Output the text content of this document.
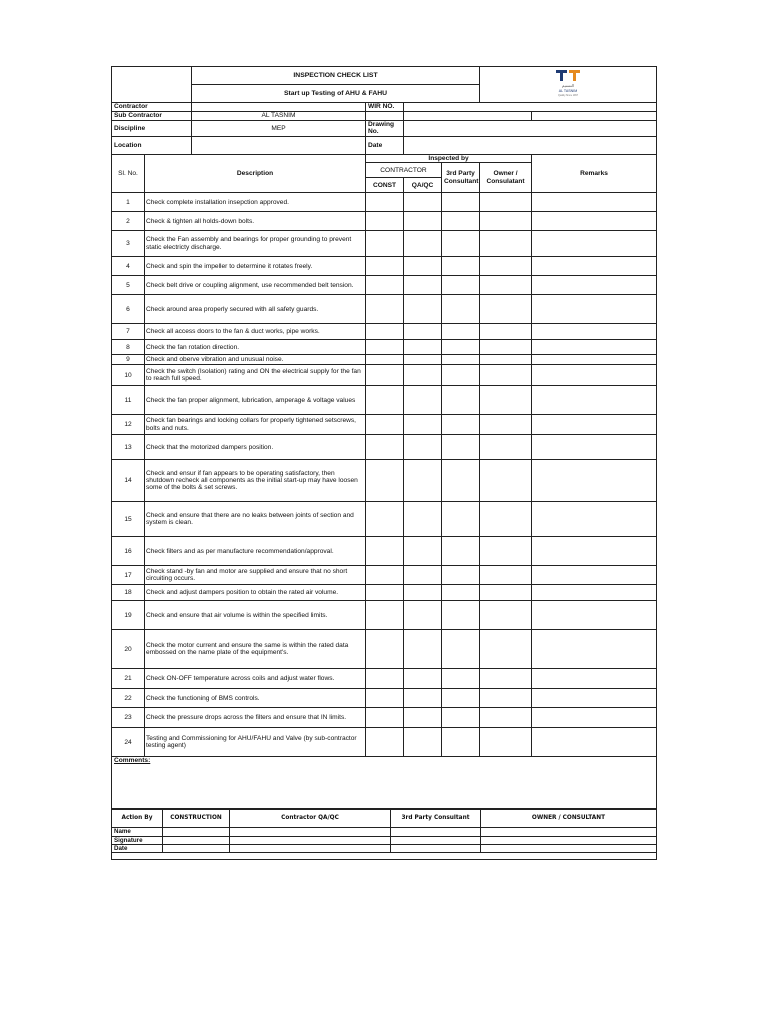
		INSPECTION CHECK LIST				التسنيم
AL TASNIM
Quality Since 1997	

		Start up Testing of AHU & FAHU					
Contractor			WIR NO.				
Sub Contractor		AL TASNIM					
Discipline		MEP	Drawing No.				
Location			Date				
Sl. No.	Description		Inspected by				Remarks
			CONTRACTOR		3rd Party Consultant	Owner / Consulatant	
			CONST	QA/QC			
1	Check complete installation insepction approved.						
2	Check & tighten all holds-down bolts.						
3	Check the Fan assembly and bearings for proper grounding to prevent static electricty discharge.						
4	Check and spin the impeller to determine it rotates freely.						
5	Check belt drive or coupling alignment, use recommended belt tension.						
6	Check around area properly secured with all safety guards.						
7	Check all access doors to the fan & duct works, pipe works.						
8	Check the fan rotation direction.						
9	Check and oberve vibration and unusual noise.						
10	Check the switch (Isolation) rating and ON the electrical supply for the fan to reach full speed.						
11	Check the fan proper alignment, lubrication, amperage & voltage values						
12	Check fan bearings and locking collars for properly tightened setscrews, bolts and nuts.						
13	Check that the motorized dampers position.						
14	Check and ensur if fan appears to be operating satisfactory, then shutdown recheck all components as the initial start-up may have loosen some of the bolts & set screws.						
15	Check and ensure that there are no leaks between joints of section and system is clean.						
16	Check filters and as per manufacture recommendation/approval.						
17	Check stand -by fan and motor are supplied and ensure that no short circuiting occurs.						
18	Check and adjust dampers position to obtain the rated air volume.						
19	Check and ensure that air volume is within the specified limits.						
20	Check the motor current and ensure the same is within the rated data embossed on the name plate of the equipment's.						
21	Check ON-OFF temperature across coils and adjust water flows.						
22	Check the functioning of BMS controls.						
23	Check the pressure drops across the filters and ensure that IN limits.						
24	Testing and Commissioning for AHU/FAHU and Valve (by sub-contractor testing agent)						
Comments:							
Action By	CONSTRUCTION	Contractor QA/QC	3rd Party Consultant	OWNER / CONSULTANT
Name				
Signature				
Date				
